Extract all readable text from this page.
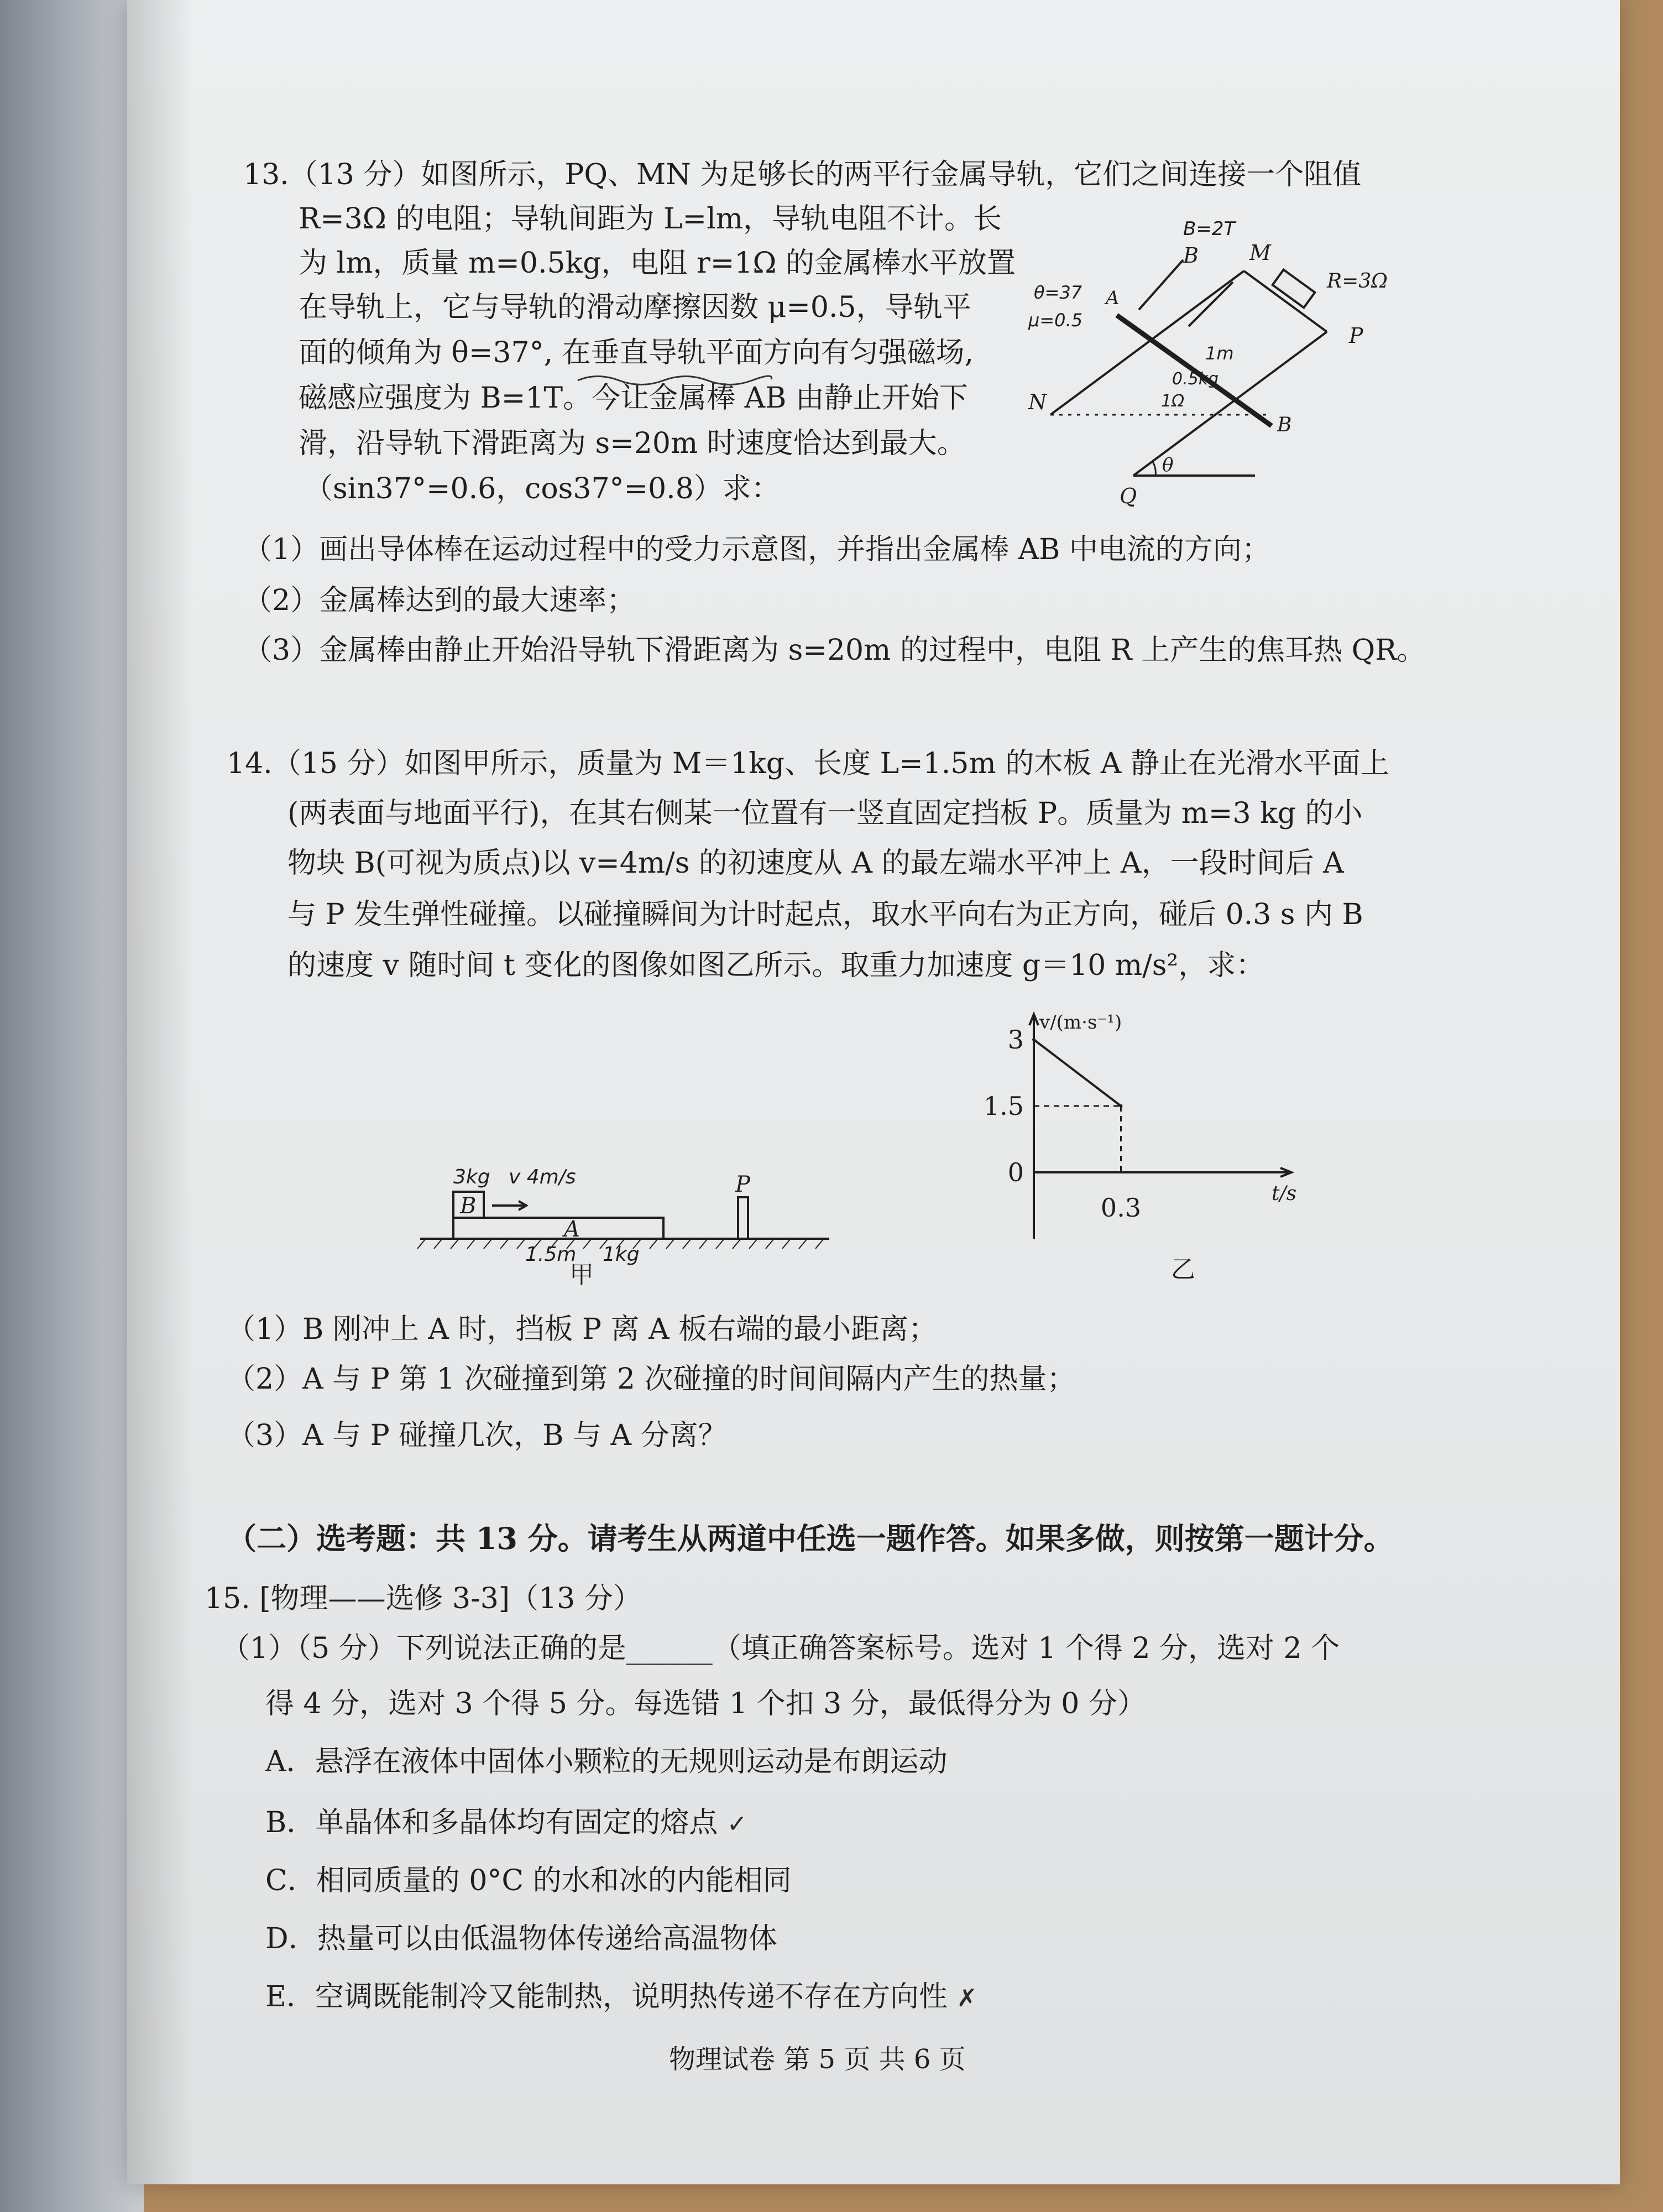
13.（13 分）如图所示，PQ、MN 为足够长的两平行金属导轨，它们之间连接一个阻值
R=3Ω 的电阻；导轨间距为 L=lm，导轨电阻不计。长
为 lm，质量 m=0.5kg，电阻 r=1Ω 的金属棒水平放置
在导轨上，它与导轨的滑动摩擦因数 μ=0.5，导轨平
面的倾角为 θ=37°, 在垂直导轨平面方向有匀强磁场,
磁感应强度为 B=1T。今让金属棒 AB 由静止开始下
滑，沿导轨下滑距离为 s=20m 时速度恰达到最大。
（sin37°=0.6，cos37°=0.8）求：
（1）画出导体棒在运动过程中的受力示意图，并指出金属棒 AB 中电流的方向；
（2）金属棒达到的最大速率；
（3）金属棒由静止开始沿导轨下滑距离为 s=20m 的过程中，电阻 R 上产生的焦耳热 QR。
B M
A
R=3Ω
P
N
B
Q
θ
B=2T
θ=37
μ=0.5
1m
0.5kg
1Ω
14.（15 分）如图甲所示，质量为 M＝1kg、长度 L=1.5m 的木板 A 静止在光滑水平面上
(两表面与地面平行)，在其右侧某一位置有一竖直固定挡板 P。质量为 m=3 kg 的小
物块 B(可视为质点)以 v=4m/s 的初速度从 A 的最左端水平冲上 A，一段时间后 A
与 P 发生弹性碰撞。以碰撞瞬间为计时起点，取水平向右为正方向，碰后 0.3 s 内 B
的速度 v 随时间 t 变化的图像如图乙所示。取重力加速度 g＝10 m/s²，求：
B
A
P
甲
3kg v 4m/s
1.5m 1kg
3
1.5
0
0.3
v/(m·s⁻¹)
t/s
乙
（1）B 刚冲上 A 时，挡板 P 离 A 板右端的最小距离；
（2）A 与 P 第 1 次碰撞到第 2 次碰撞的时间间隔内产生的热量；
（3）A 与 P 碰撞几次，B 与 A 分离？
（二）选考题：共 13 分。请考生从两道中任选一题作答。如果多做，则按第一题计分。
15. [物理——选修 3-3]（13 分）
（1）（5 分）下列说法正确的是______（填正确答案标号。选对 1 个得 2 分，选对 2 个
得 4 分，选对 3 个得 5 分。每选错 1 个扣 3 分，最低得分为 0 分）
A．悬浮在液体中固体小颗粒的无规则运动是布朗运动
B．单晶体和多晶体均有固定的熔点 ✓
C．相同质量的 0°C 的水和冰的内能相同
D．热量可以由低温物体传递给高温物体
E．空调既能制冷又能制热，说明热传递不存在方向性 ✗
物理试卷 第 5 页 共 6 页
